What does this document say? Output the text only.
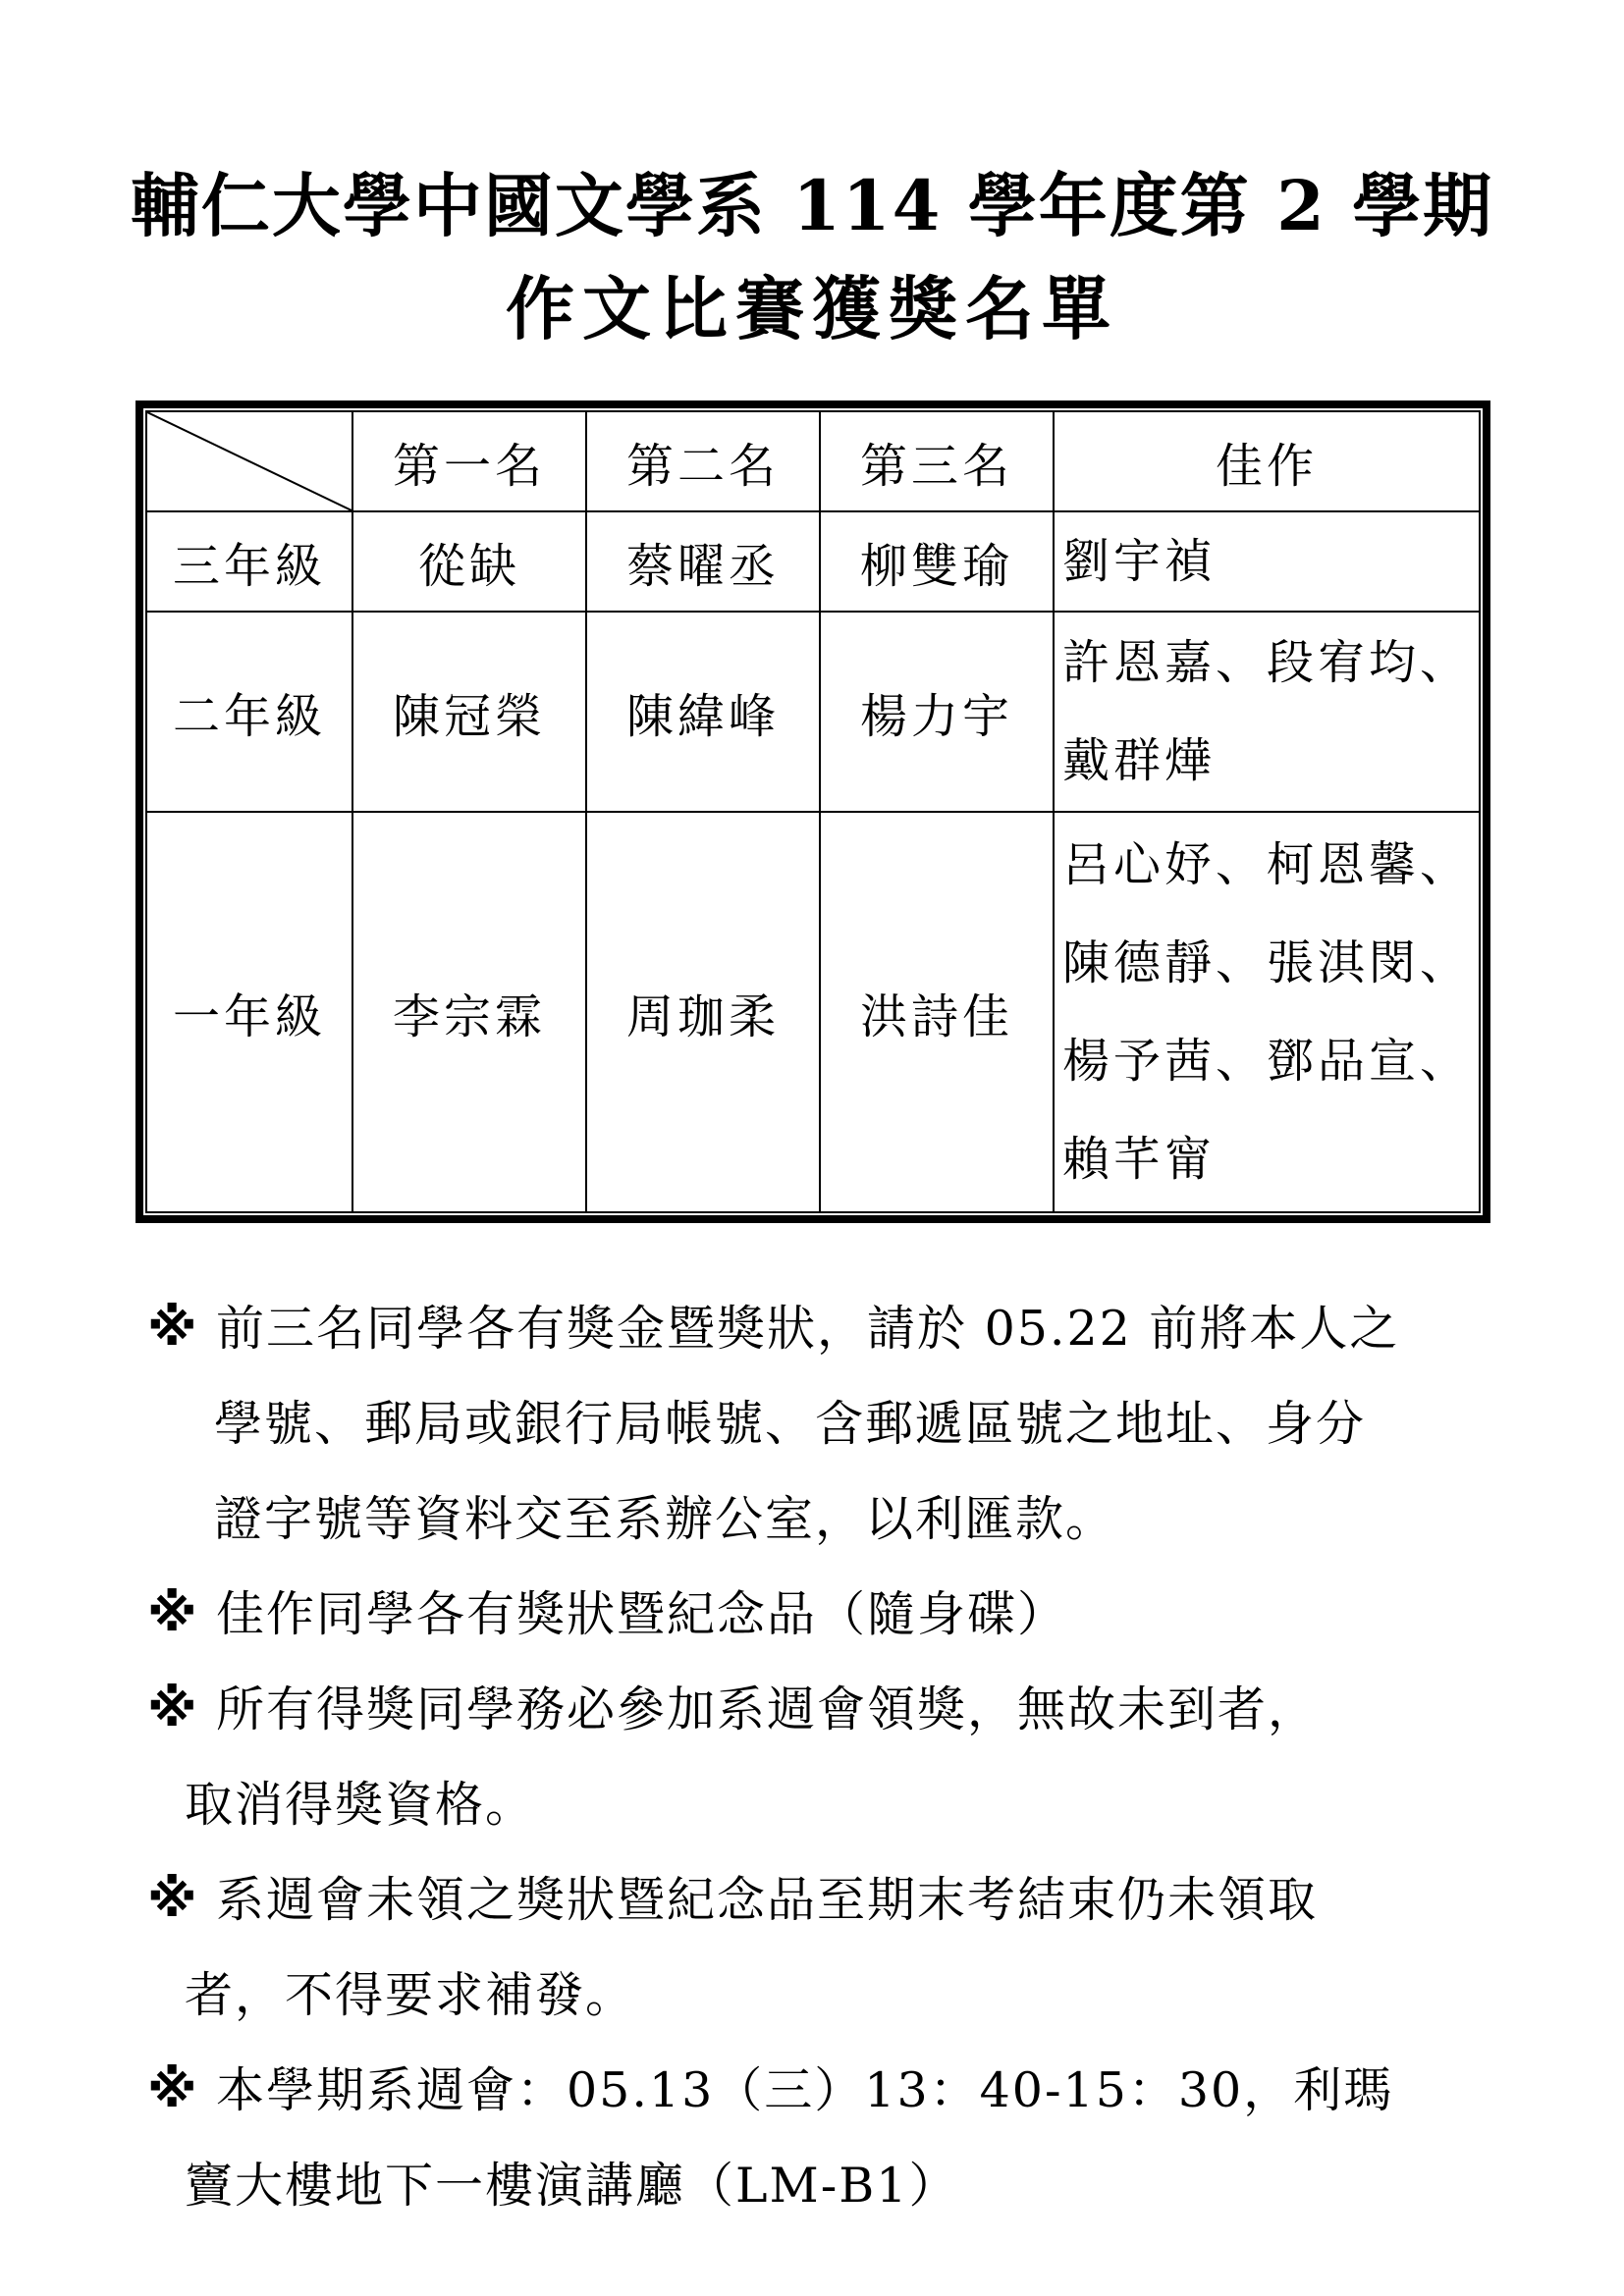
輔仁大學中國文學系 114 學年度第 2 學期
作文比賽獲獎名單
	第一名	第二名	第三名	佳作
三年級	從缺	蔡曜丞	柳雙瑜	劉宇禎

二年級	陳冠榮	陳緯峰	楊力宇	許恩嘉、段宥均、
戴群燁

一年級	李宗霖	周珈柔	洪詩佳	呂心妤、柯恩馨、
陳德靜、張淇閔、
楊予茜、鄧品宣、
賴芊甯
※ 前三名同學各有獎金暨獎狀，請於 05.22 前將本人之

學號、郵局或銀行局帳號、含郵遞區號之地址、身分

證字號等資料交至系辦公室，以利匯款。

※ 佳作同學各有獎狀暨紀念品（隨身碟）

※ 所有得獎同學務必參加系週會領獎，無故未到者，

取消得獎資格。

※ 系週會未領之獎狀暨紀念品至期末考結束仍未領取

者，不得要求補發。

※ 本學期系週會：05.13（三）13：40-15：30，利瑪

竇大樓地下一樓演講廳（LM-B1）
